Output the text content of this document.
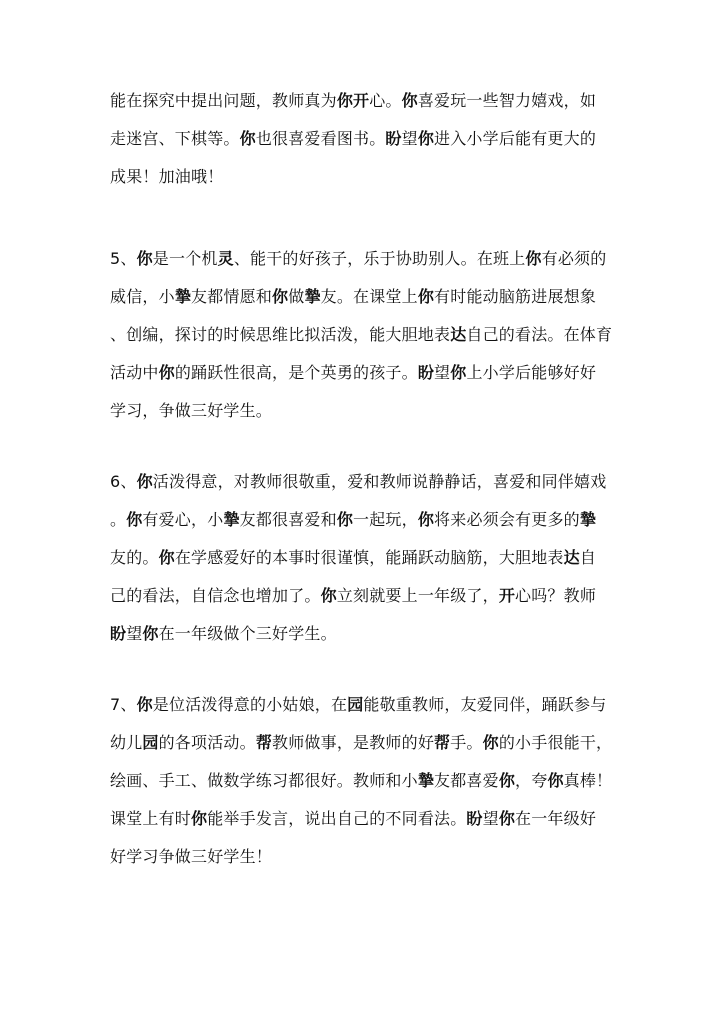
能在探究中提出问题，教师真为你开心。你喜爱玩一些智力嬉戏，如
走迷宫、下棋等。你也很喜爱看图书。盼望你进入小学后能有更大的
成果！加油哦！

5、你是一个机灵、能干的好孩子，乐于协助别人。在班上你有必须的
威信，小摯友都情愿和你做摯友。在课堂上你有时能动脑筋进展想象
、创编，探讨的时候思维比拟活泼，能大胆地表达自己的看法。在体育
活动中你的踊跃性很高，是个英勇的孩子。盼望你上小学后能够好好
学习，争做三好学生。

6、你活泼得意，对教师很敬重，爱和教师说静静话，喜爱和同伴嬉戏
。你有爱心，小摯友都很喜爱和你一起玩，你将来必须会有更多的摯
友的。你在学感爱好的本事时很谨慎，能踊跃动脑筋，大胆地表达自
己的看法，自信念也增加了。你立刻就要上一年级了，开心吗？教师
盼望你在一年级做个三好学生。

7、你是位活泼得意的小姑娘，在园能敬重教师，友爱同伴，踊跃参与
幼儿园的各项活动。帮教师做事，是教师的好帮手。你的小手很能干，
绘画、手工、做数学练习都很好。教师和小摯友都喜爱你，夸你真棒！
课堂上有时你能举手发言，说出自己的不同看法。盼望你在一年级好
好学习争做三好学生！
